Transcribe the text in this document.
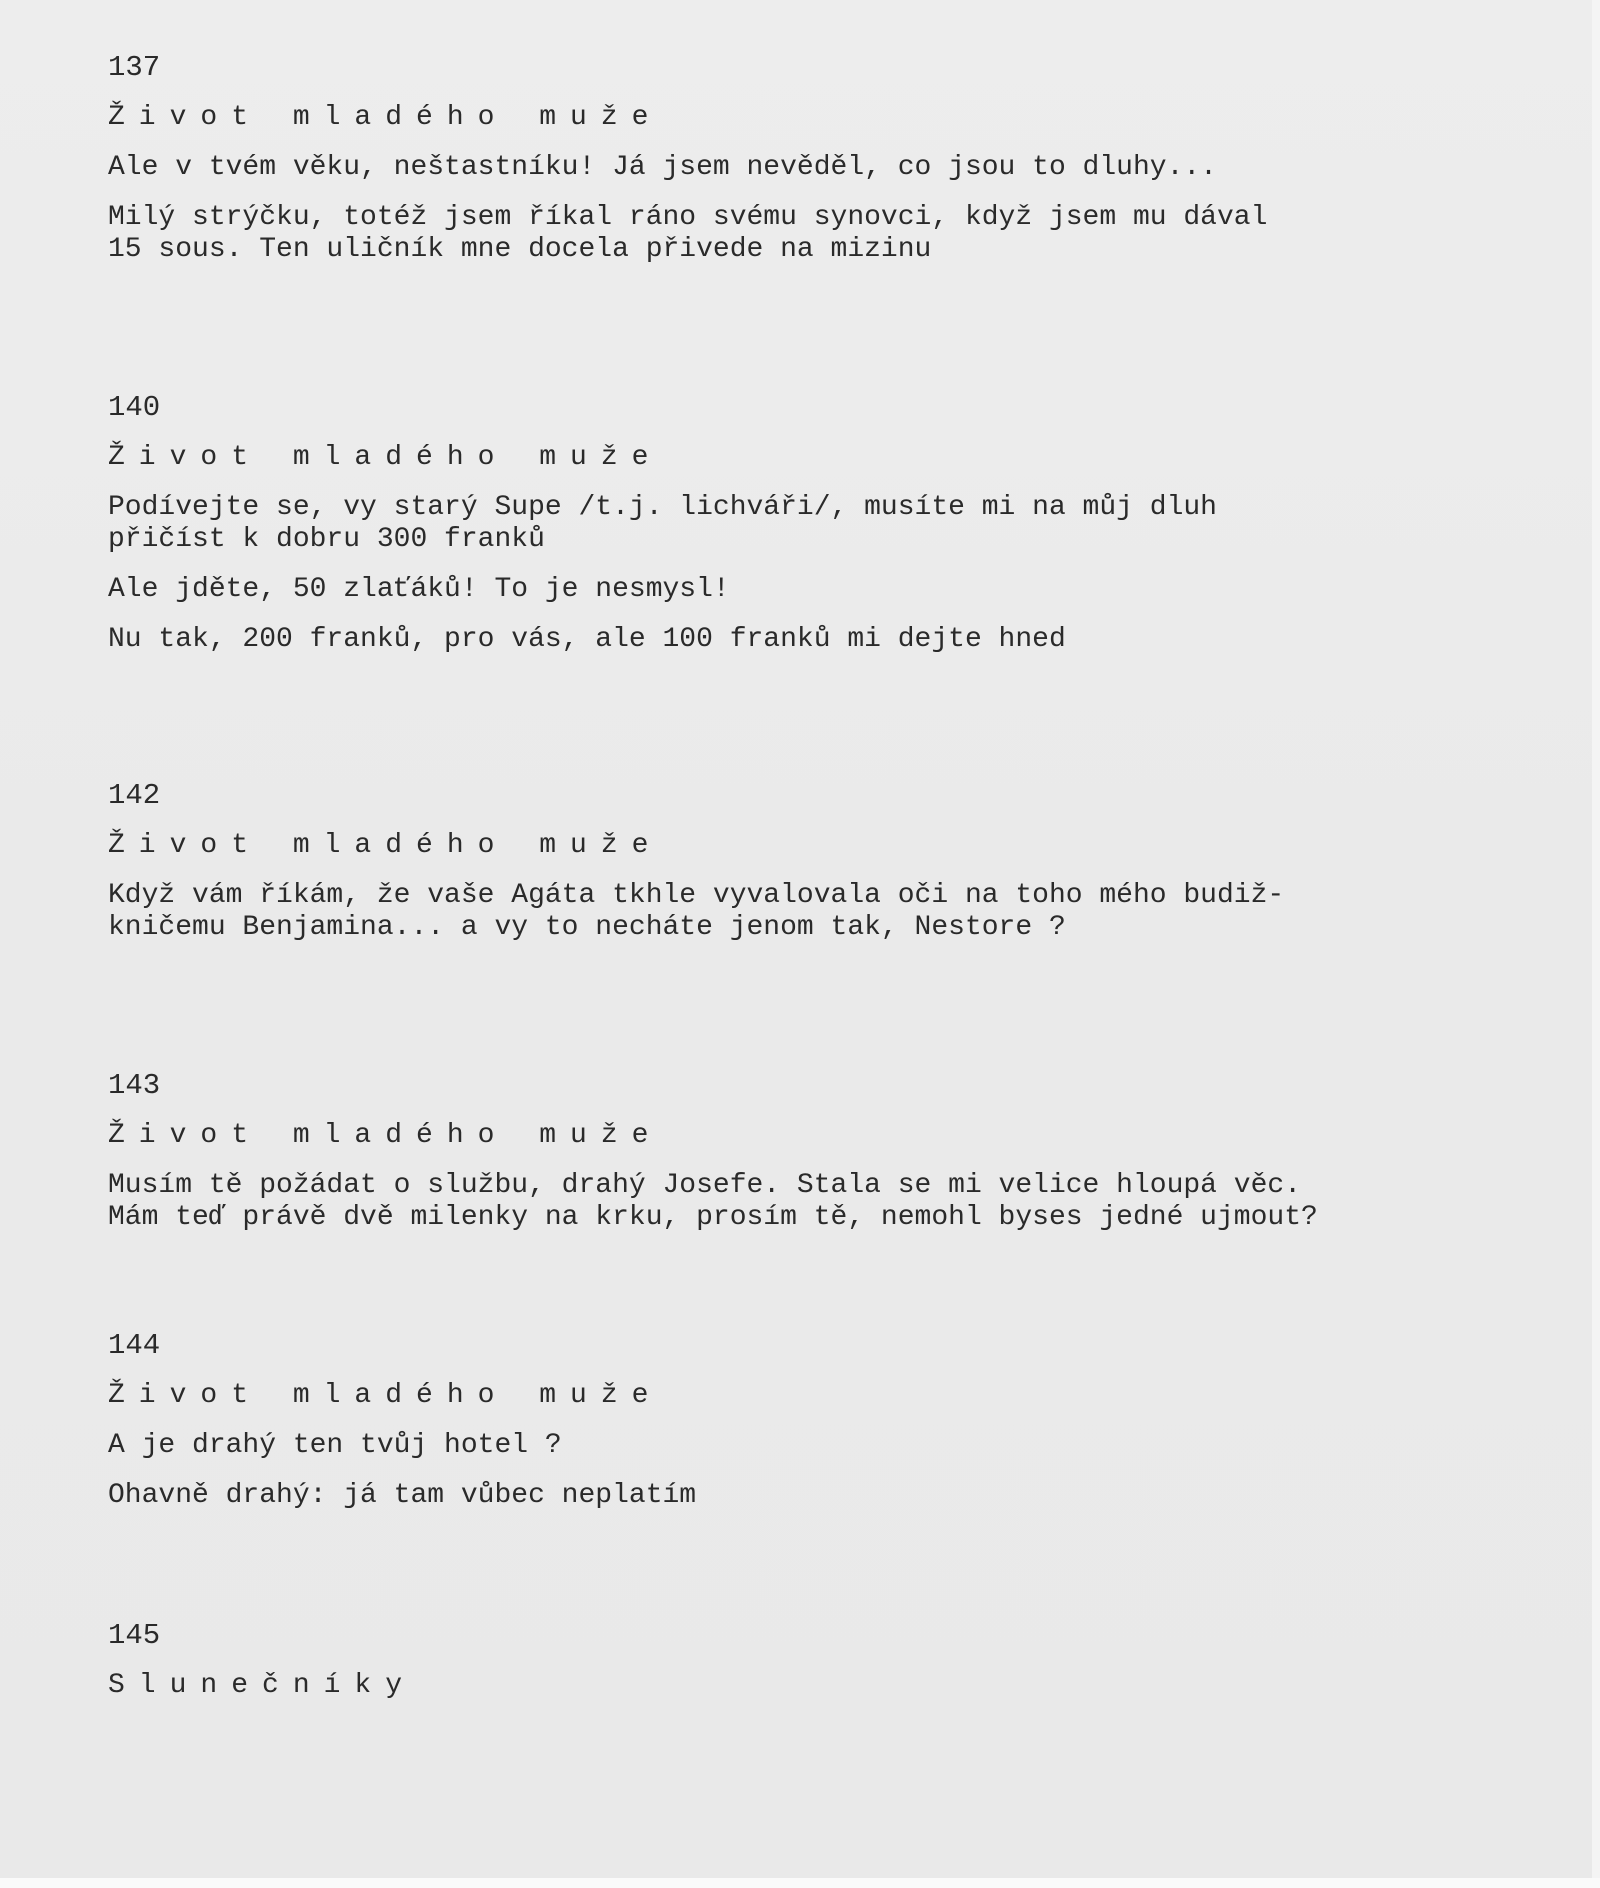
137
Život mladého muže
Ale v tvém věku, neštastníku! Já jsem nevěděl, co jsou to dluhy...
Milý strýčku, totéž jsem říkal ráno svému synovci, když jsem mu dával
15 sous. Ten uličník mne docela přivede na mizinu
140
Život mladého muže
Podívejte se, vy starý Supe /t.j. lichváři/, musíte mi na můj dluh
přičíst k dobru 300 franků
Ale jděte, 50 zlaťáků! To je nesmysl!
Nu tak, 200 franků, pro vás, ale 100 franků mi dejte hned
142
Život mladého muže
Když vám říkám, že vaše Agáta tkhle vyvalovala oči na toho mého budiž-
kničemu Benjamina... a vy to necháte jenom tak, Nestore ?
143
Život mladého muže
Musím tě požádat o službu, drahý Josefe. Stala se mi velice hloupá věc.
Mám teď právě dvě milenky na krku, prosím tě, nemohl byses jedné ujmout?
144
Život mladého muže
A je drahý ten tvůj hotel ?
Ohavně drahý: já tam vůbec neplatím
145
Slunečníky
